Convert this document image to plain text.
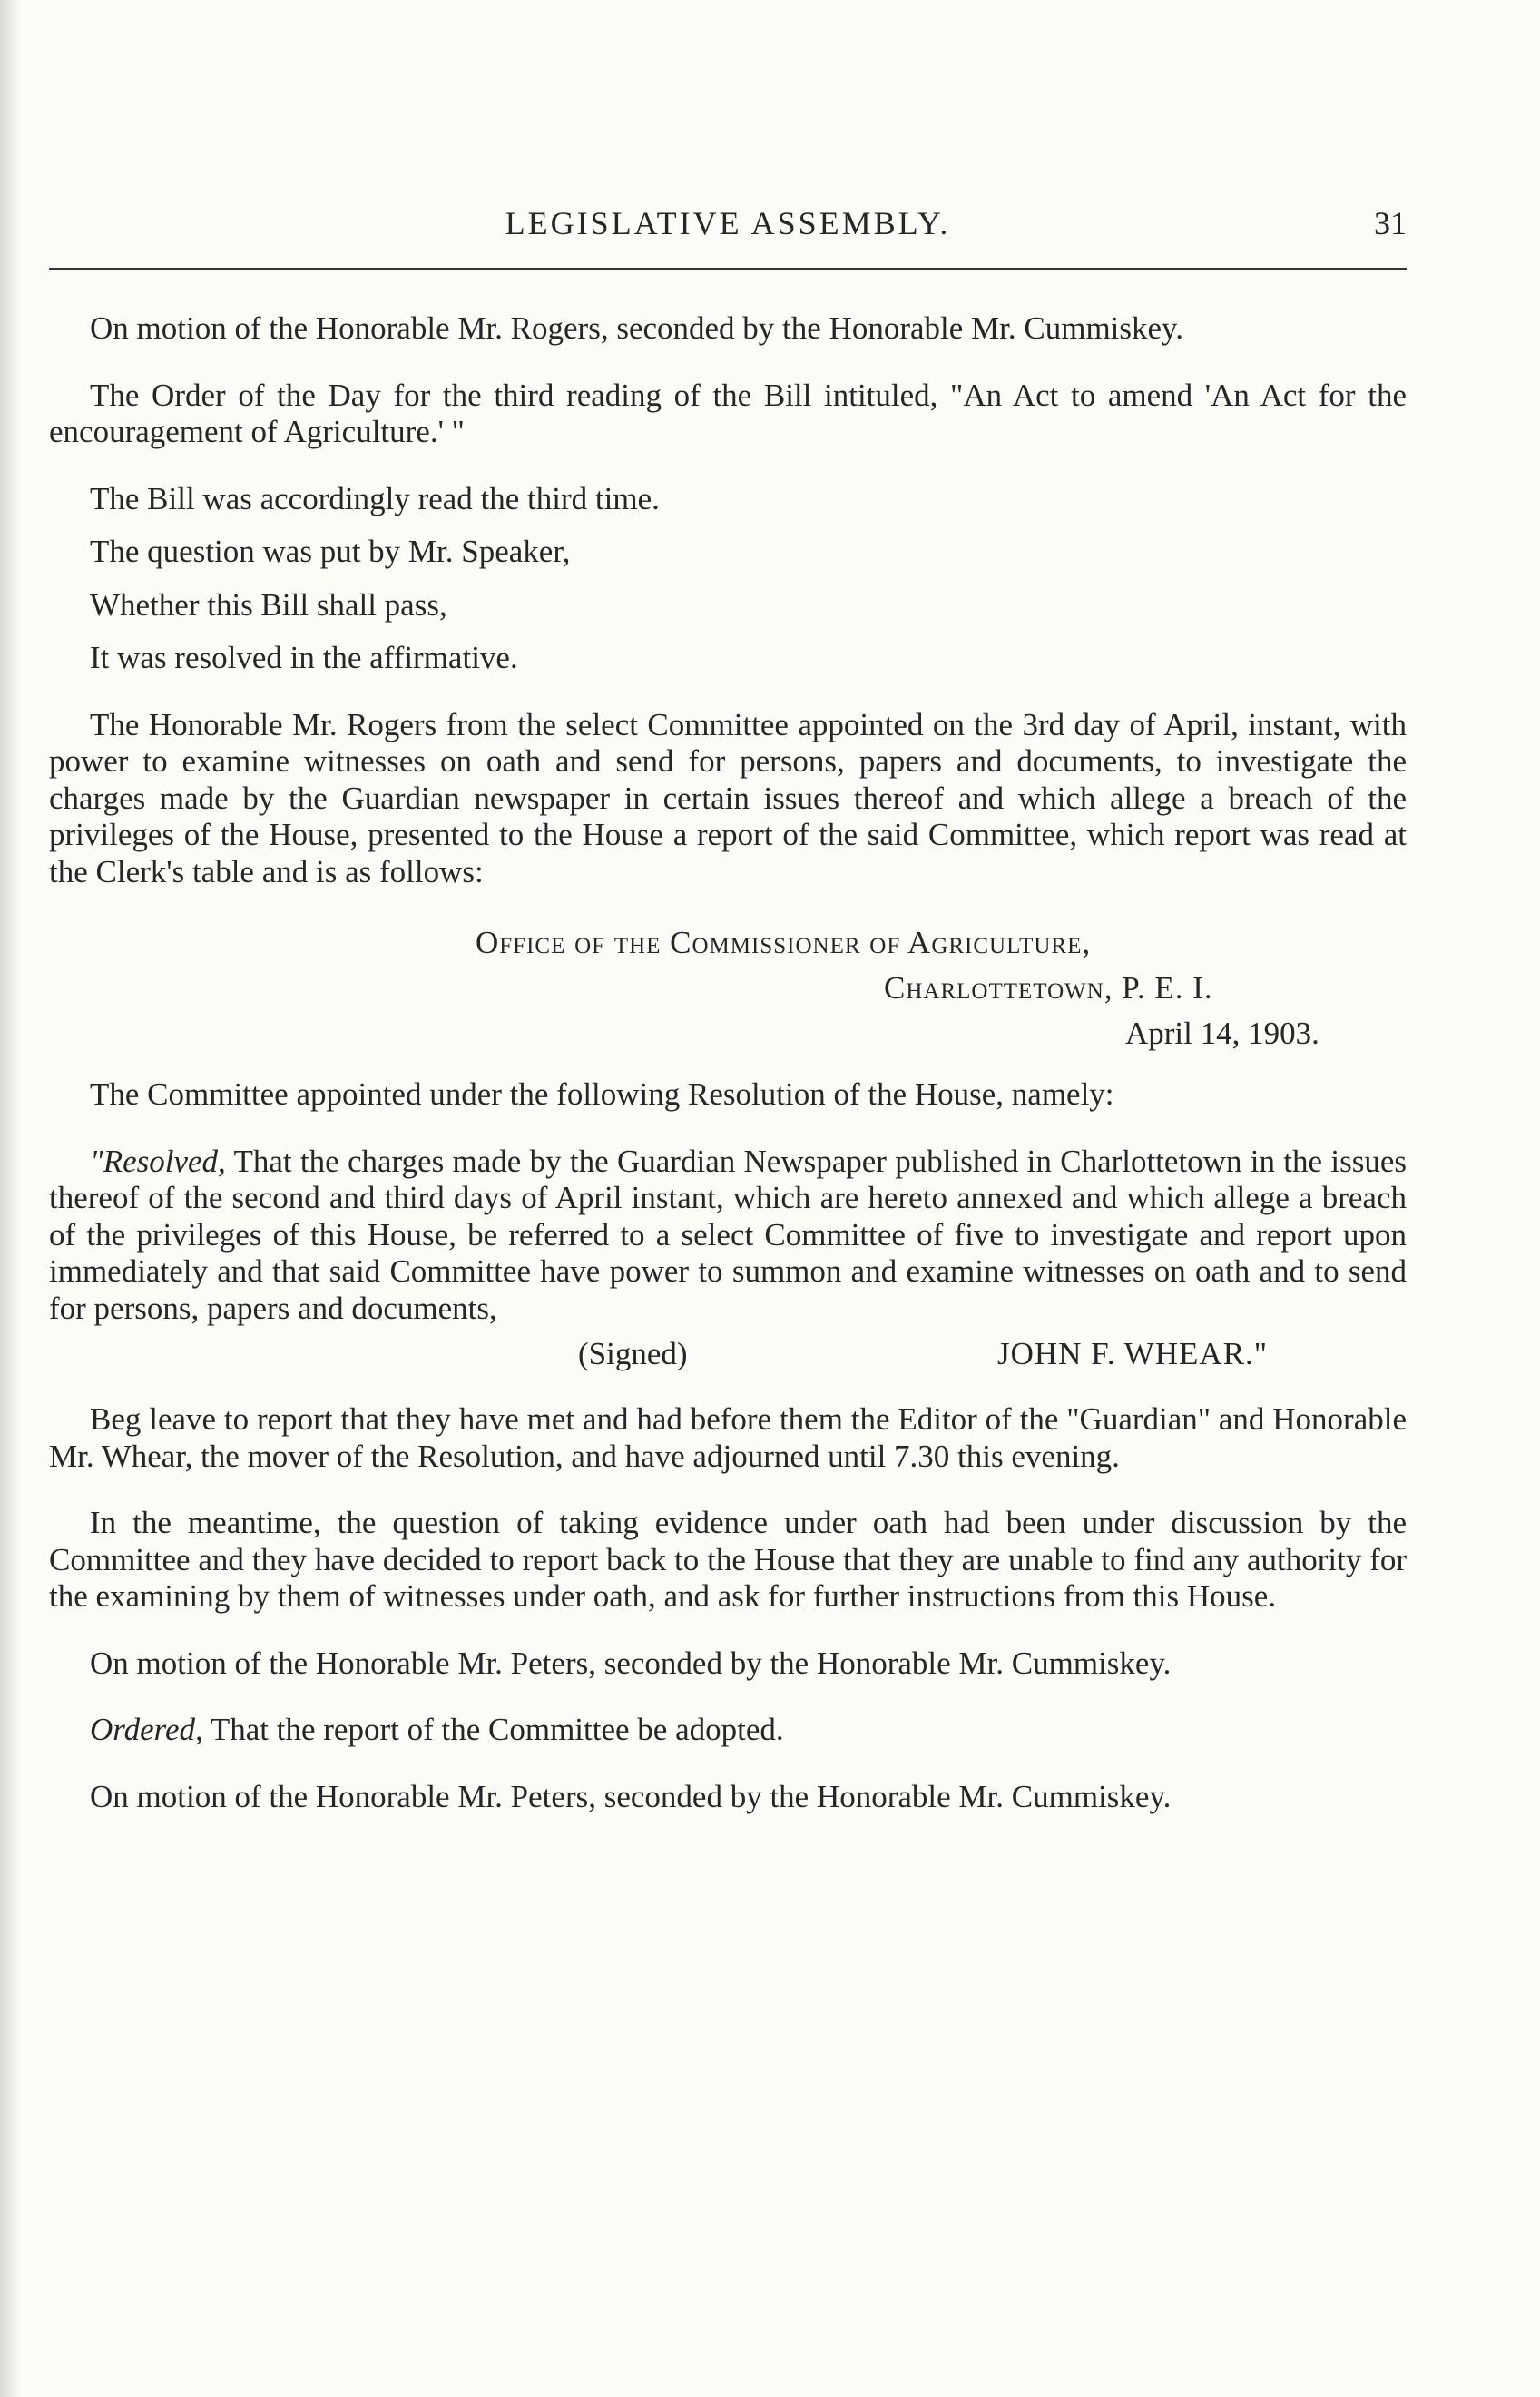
LEGISLATIVE ASSEMBLY.	31

On motion of the Honorable Mr. Rogers, seconded by the Honorable Mr. Cummiskey.

The Order of the Day for the third reading of the Bill intituled, "An Act to amend 'An Act for the encouragement of Agriculture.' "

The Bill was accordingly read the third time.

The question was put by Mr. Speaker,

Whether this Bill shall pass,

It was resolved in the affirmative.

The Honorable Mr. Rogers from the select Committee appointed on the 3rd day of April, instant, with power to examine witnesses on oath and send for persons, papers and documents, to investigate the charges made by the Guardian newspaper in certain issues thereof and which allege a breach of the privileges of the House, presented to the House a report of the said Committee, which report was read at the Clerk's table and is as follows:

Office of the Commissioner of Agriculture,
Charlottetown, P. E. I.
April 14, 1903.

The Committee appointed under the following Resolution of the House, namely:

"Resolved, That the charges made by the Guardian Newspaper published in Charlottetown in the issues thereof of the second and third days of April instant, which are hereto annexed and which allege a breach of the privileges of this House, be referred to a select Committee of five to investigate and report upon immediately and that said Committee have power to summon and examine witnesses on oath and to send for persons, papers and documents,

(Signed)	JOHN F. WHEAR."

Beg leave to report that they have met and had before them the Editor of the "Guardian" and Honorable Mr. Whear, the mover of the Resolution, and have adjourned until 7.30 this evening.

In the meantime, the question of taking evidence under oath had been under discussion by the Committee and they have decided to report back to the House that they are unable to find any authority for the examining by them of witnesses under oath, and ask for further instructions from this House.

On motion of the Honorable Mr. Peters, seconded by the Honorable Mr. Cummiskey.

Ordered, That the report of the Committee be adopted.

On motion of the Honorable Mr. Peters, seconded by the Honorable Mr. Cummiskey.
